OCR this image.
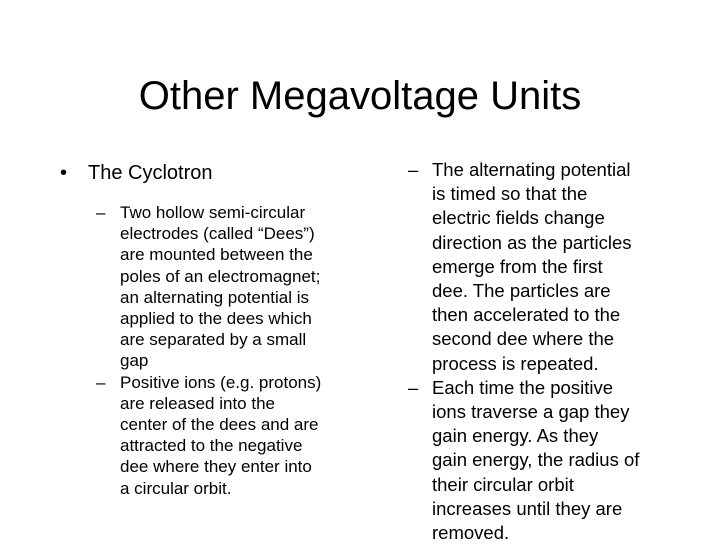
Other Megavoltage Units
• The Cyclotron
– Two hollow semi-circular
electrodes (called “Dees”)
are mounted between the
poles of an electromagnet;
an alternating potential is
applied to the dees which
are separated by a small
gap
– Positive ions (e.g. protons)
are released into the
center of the dees and are
attracted to the negative
dee where they enter into
a circular orbit.
– The alternating potential
is timed so that the
electric fields change
direction as the particles
emerge from the first
dee. The particles are
then accelerated to the
second dee where the
process is repeated.
– Each time the positive
ions traverse a gap they
gain energy. As they
gain energy, the radius of
their circular orbit
increases until they are
removed.
